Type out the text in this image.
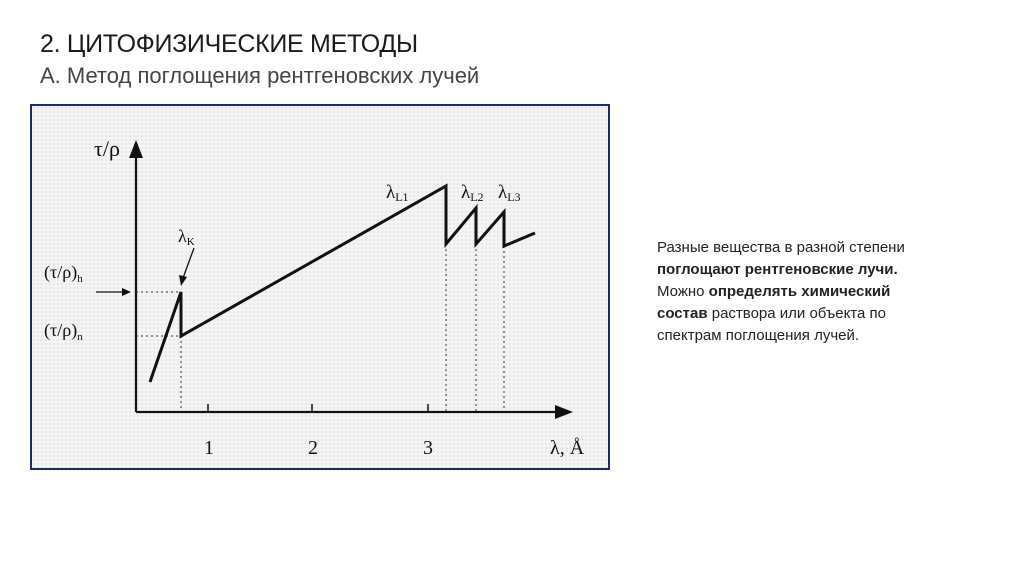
2. ЦИТОФИЗИЧЕСКИЕ МЕТОДЫ
А. Метод поглощения рентгеновских лучей
1	2	3
τ/ρ
λ, Å
$(\tau/\rho)_h$
$(\tau/\rho)_n$
λK
λL1	λL2 λL3
Разные вещества в разной степени
поглощают рентгеновские лучи.
Можно определять химический
состав раствора или объекта по
спектрам поглощения лучей.
